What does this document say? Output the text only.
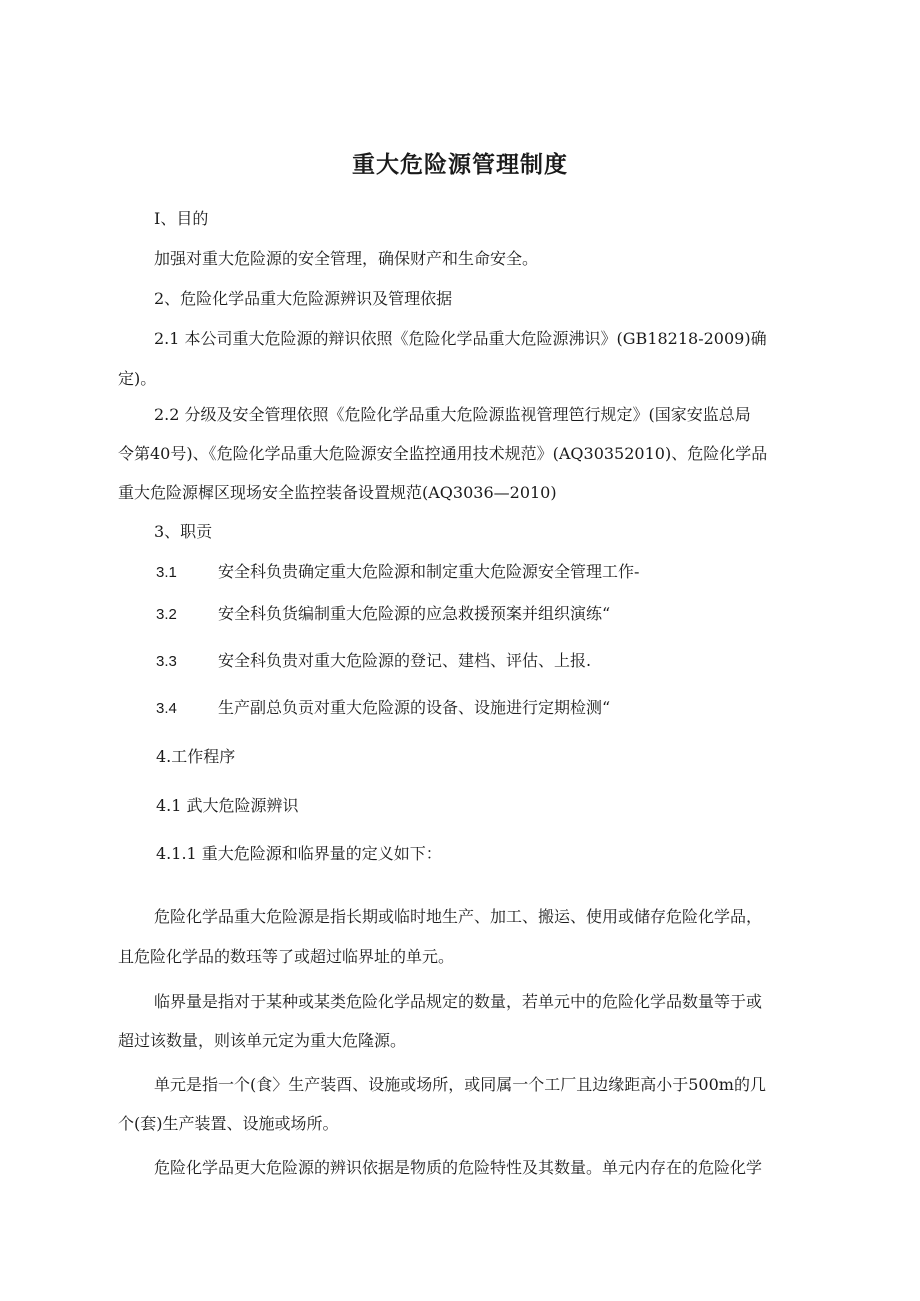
重大危险源管理制度
I、目的
加强对重大危险源的安全管理，确保财产和生命安全。
2、危险化学品重大危险源辨识及管理依据
2.1 本公司重大危险源的辩识依照《危险化学品重大危险源沸识》(GB18218-2009)确
定)。
2.2 分级及安全管理依照《危险化学品重大危险源监视管理笆行规定》(国家安监总局
令第40号)、《危险化学品重大危险源安全监控通用技术规范》(AQ30352010)、危险化学品
重大危险源樨区现场安全监控装备设置规范(AQ3036—2010)
3、职贡
3.1	安全科负贵确定重大危险源和制定重大危险源安全管理工作-
3.2	安全科负货编制重大危险源的应急救援预案并组织演练“
3.3	安全科负贵对重大危险源的登记、建档、评估、上报.
3.4	生产副总负贡对重大危险源的设备、设施进行定期检测“
4.工作程序
4.1 武大危险源辨识
4.1.1 重大危险源和临界量的定义如下：
危险化学品重大危险源是指长期或临时地生产、加工、搬运、使用或储存危险化学品，
且危险化学品的数珏等了或超过临界址的单元。
临界量是指对于某种或某类危险化学品规定的数量，若单元中的危险化学品数量等于或
超过该数量，则该单元定为重大危隆源。
单元是指一个(食〉生产装酉、设施或场所，或同属一个工厂且边缘距高小于500m的几
个(套)生产装置、设施或场所。
危险化学品更大危险源的辨识依据是物质的危险特性及其数量。单元内存在的危险化学
